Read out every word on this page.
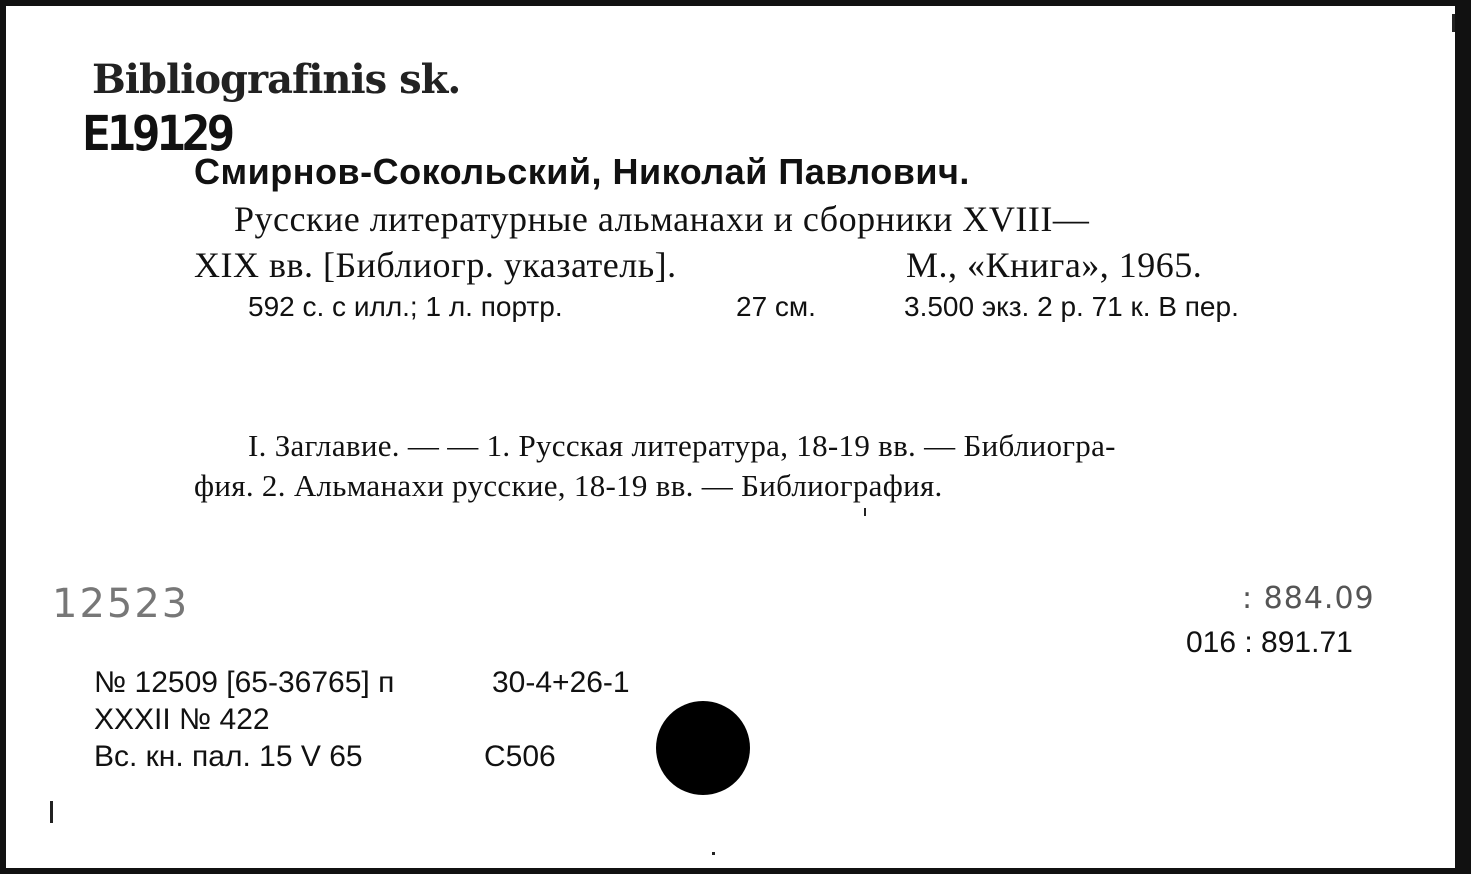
Bibliografinis sk.
E19129
Смирнов-Сокольский, Николай Павлович.
Русские литературные альманахи и сборники XVIII—
XIX вв. [Библиогр. указатель].	М., «Книга», 1965.
592 с. с илл.; 1 л. портр.	27 см.	3.500 экз. 2 р. 71 к. В пер.
I. Заглавие. — — 1. Русская литература, 18-19 вв. — Библиогра-
фия. 2. Альманахи русские, 18-19 вв. — Библиография.
12523	: 884.09
016 : 891.71
№ 12509 [65-36765] п	30-4+26-1
XXXII № 422
Вс. кн. пал. 15 V 65	C506
